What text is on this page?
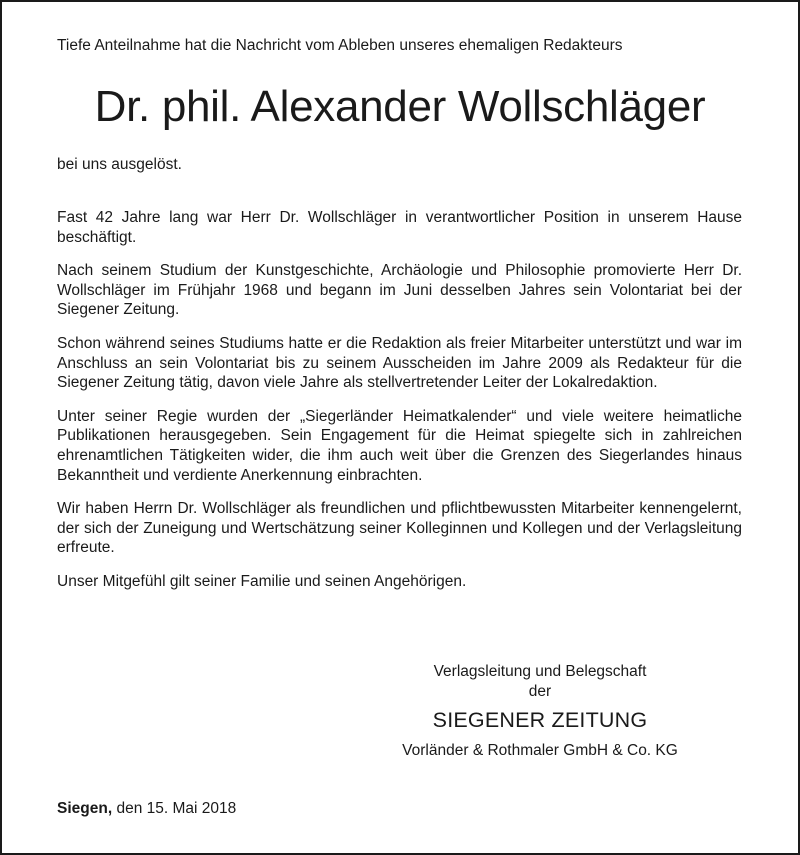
Tiefe Anteilnahme hat die Nachricht vom Ableben unseres ehemaligen Redakteurs
Dr. phil. Alexander Wollschläger
bei uns ausgelöst.

Fast 42 Jahre lang war Herr Dr. Wollschläger in verantwortlicher Position in unserem Hause beschäftigt.

Nach seinem Studium der Kunstgeschichte, Archäologie und Philosophie promovierte Herr Dr. Wollschläger im Frühjahr 1968 und begann im Juni desselben Jahres sein Volontariat bei der Siegener Zeitung.

Schon während seines Studiums hatte er die Redaktion als freier Mitarbeiter unterstützt und war im Anschluss an sein Volontariat bis zu seinem Ausscheiden im Jahre 2009 als Redakteur für die Siegener Zeitung tätig, davon viele Jahre als stellvertretender Leiter der Lokalredaktion.

Unter seiner Regie wurden der „Siegerländer Heimatkalender“ und viele weitere heimatliche Publikationen herausgegeben. Sein Engagement für die Heimat spiegelte sich in zahlreichen ehrenamtlichen Tätigkeiten wider, die ihm auch weit über die Grenzen des Siegerlandes hinaus Bekanntheit und verdiente Anerkennung einbrachten.

Wir haben Herrn Dr. Wollschläger als freundlichen und pflichtbewussten Mitarbeiter kennengelernt, der sich der Zuneigung und Wertschätzung seiner Kolleginnen und Kollegen und der Verlagsleitung erfreute.

Unser Mitgefühl gilt seiner Familie und seinen Angehörigen.

Verlagsleitung und Belegschaft
der
SIEGENER ZEITUNG
Vorländer & Rothmaler GmbH & Co. KG
Siegen, den 15. Mai 2018
